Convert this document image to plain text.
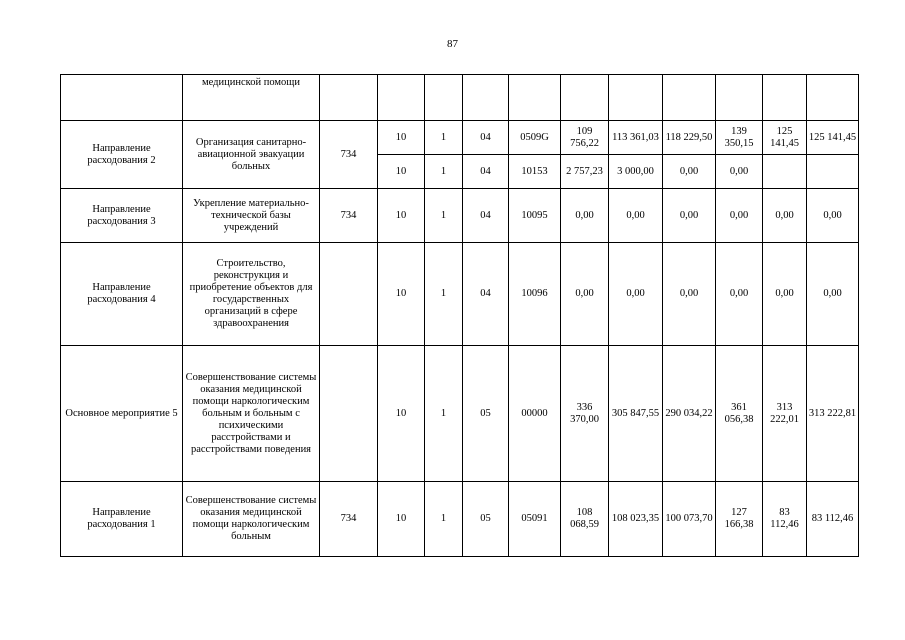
87
	медицинской помощи											
Направление расходования 2	Организация санитарно-авиационной эвакуации больных	734	10	1	04	0509G	109 756,22	113 361,03	118 229,50	139 350,15	125 141,45	125 141,45
			10	1	04	10153	2 757,23	3 000,00	0,00	0,00		
Направление расходования 3	Укрепление материально-технической базы учреждений	734	10	1	04	10095	0,00	0,00	0,00	0,00	0,00	0,00
Направление расходования 4	Строительство, реконструкция и приобретение объектов для государственных организаций в сфере здравоохранения		10	1	04	10096	0,00	0,00	0,00	0,00	0,00	0,00
Основное мероприятие 5	Совершенствование системы оказания медицинской помощи наркологическим больным и больным с психическими расстройствами и расстройствами поведения		10	1	05	00000	336 370,00	305 847,55	290 034,22	361 056,38	313 222,01	313 222,81
Направление расходования 1	Совершенствование системы оказания медицинской помощи наркологическим больным	734	10	1	05	05091	108 068,59	108 023,35	100 073,70	127 166,38	83 112,46	83 112,46
